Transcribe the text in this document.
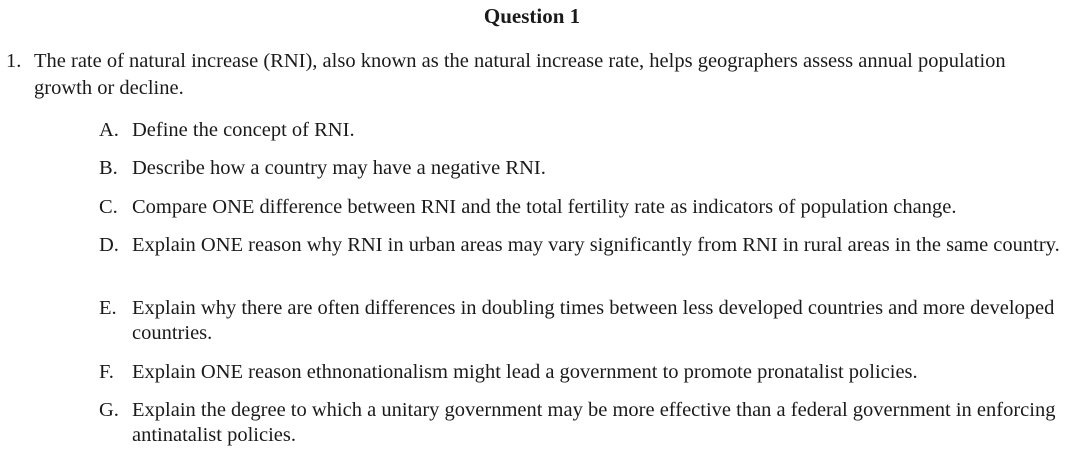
Question 1
1. The rate of natural increase (RNI), also known as the natural increase rate, helps geographers assess annual population growth or decline.
A. Define the concept of RNI.
B. Describe how a country may have a negative RNI.
C. Compare ONE difference between RNI and the total fertility rate as indicators of population change.
D. Explain ONE reason why RNI in urban areas may vary significantly from RNI in rural areas in the same country.
E. Explain why there are often differences in doubling times between less developed countries and more developed countries.
F. Explain ONE reason ethnonationalism might lead a government to promote pronatalist policies.
G. Explain the degree to which a unitary government may be more effective than a federal government in enforcing antinatalist policies.
